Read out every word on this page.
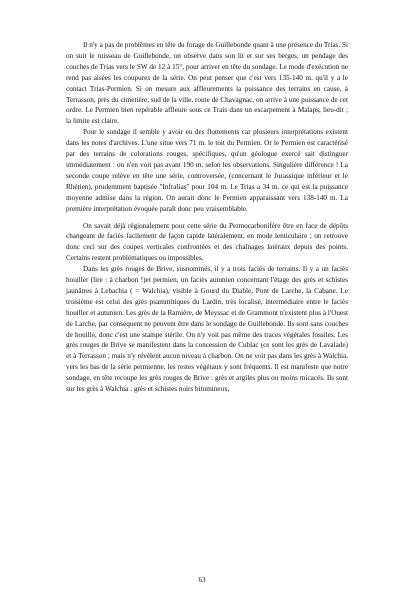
Il n'y a pas de problèmes en tête du forage de Guillebonde quant à une présence du Trias. Si on suit le ruisseau de Guillebonde, on observe dans son lit et sur ses berges, un pendage des couches de Trias vers le SW de 12 à 15°, pour arriver en tête du sondage. Le mode d'exécution ne rend pas aisées les coupures de la série. On peut penser que c'est vers 135-140 m. qu'il y a le contact Trias-Permien. Si on mesure aux affleurements la puissance des terrains en cause, à Terrasson, près du cimetière, sud de la ville, route de Chavagnac, on arrive à une puissance de cet ordre. Le Permien bien repérable affleure sous ce Trais dans un escarpement à Malaps, lieu-dit ; la limite est claire.

Pour le sondage il semble y avoir eu des flottements car plusieurs interprétations existent dans les notes d'archives. L'une situe vers 71 m. le toit du Permien. Or le Permien est caractérisé par des terrains de colorations rouges, spécifiques, qu'un géologue exercé sait distinguer immédiatement : on n'en voit pas avant 190 m. selon les observations. Singulière différence ! La seconde coupe relève en tête une série, controversée, (concernant le Jurassique inférieur et le Rhétien), prudemment baptisée "Infralias" pour 104 m. Le Trias a 34 m. ce qui est la puissance moyenne admise dans la région. On aurait donc le Permien apparaissant vers 138-140 m. La première interprétation évoquée paraît donc peu vraisemblable.

On savait déjà régionalement pour cette série du Permocarbonifère être en face de dépôts changeant de faciès facilement de façon rapide latéralement, en mode lenticulaire ; on retrouve donc ceci sur des coupes verticales confrontées et des chaînages latéraux depuis des points. Certains restent problématiques ou impossibles.

Dans les grès rouges de Brive, susnommés, il y a trois faciès de terrains. Il y a un faciès houiller (lire : à charbon !)et permien, un faciès autunien concernant l'étage des grès et schistes jaunâtres à Lebachia ( = Walchia), visible à Gourd du Diable, Pont de Larche, la Cabane. Le troisième est celui des grès psammitiques du Lardin, très localisé, intermédiaire entre le faciès houiller et autunien. Les grès de la Ramière, de Meyssac et de Grammont n'existent plus à l'Ouest de Larche, par conséquent ne peuvent être dans le sondage de Guillebonde. Ils sont sans couches de houille, donc c'est une stampe stérile. On n'y voit pas même des traces végétales fossiles. Les grès rouges de Brive se manifestent dans la concession de Cublac (ce sont les grès de Lavalade) et à Terrasson ; mais n'y révèlent aucun niveau à charbon. On ne voit pas dans les grès à Walchia, vers les bas de la série permienne. les restes végétaux y sont fréquents. Il est manifeste que notre sondage, en tête recoupe les grès rouges de Brive : grès et argiles plus ou moins micacés. Ils sont sur les grès à Walchia : grès et schistes noirs bitumineux,

63
